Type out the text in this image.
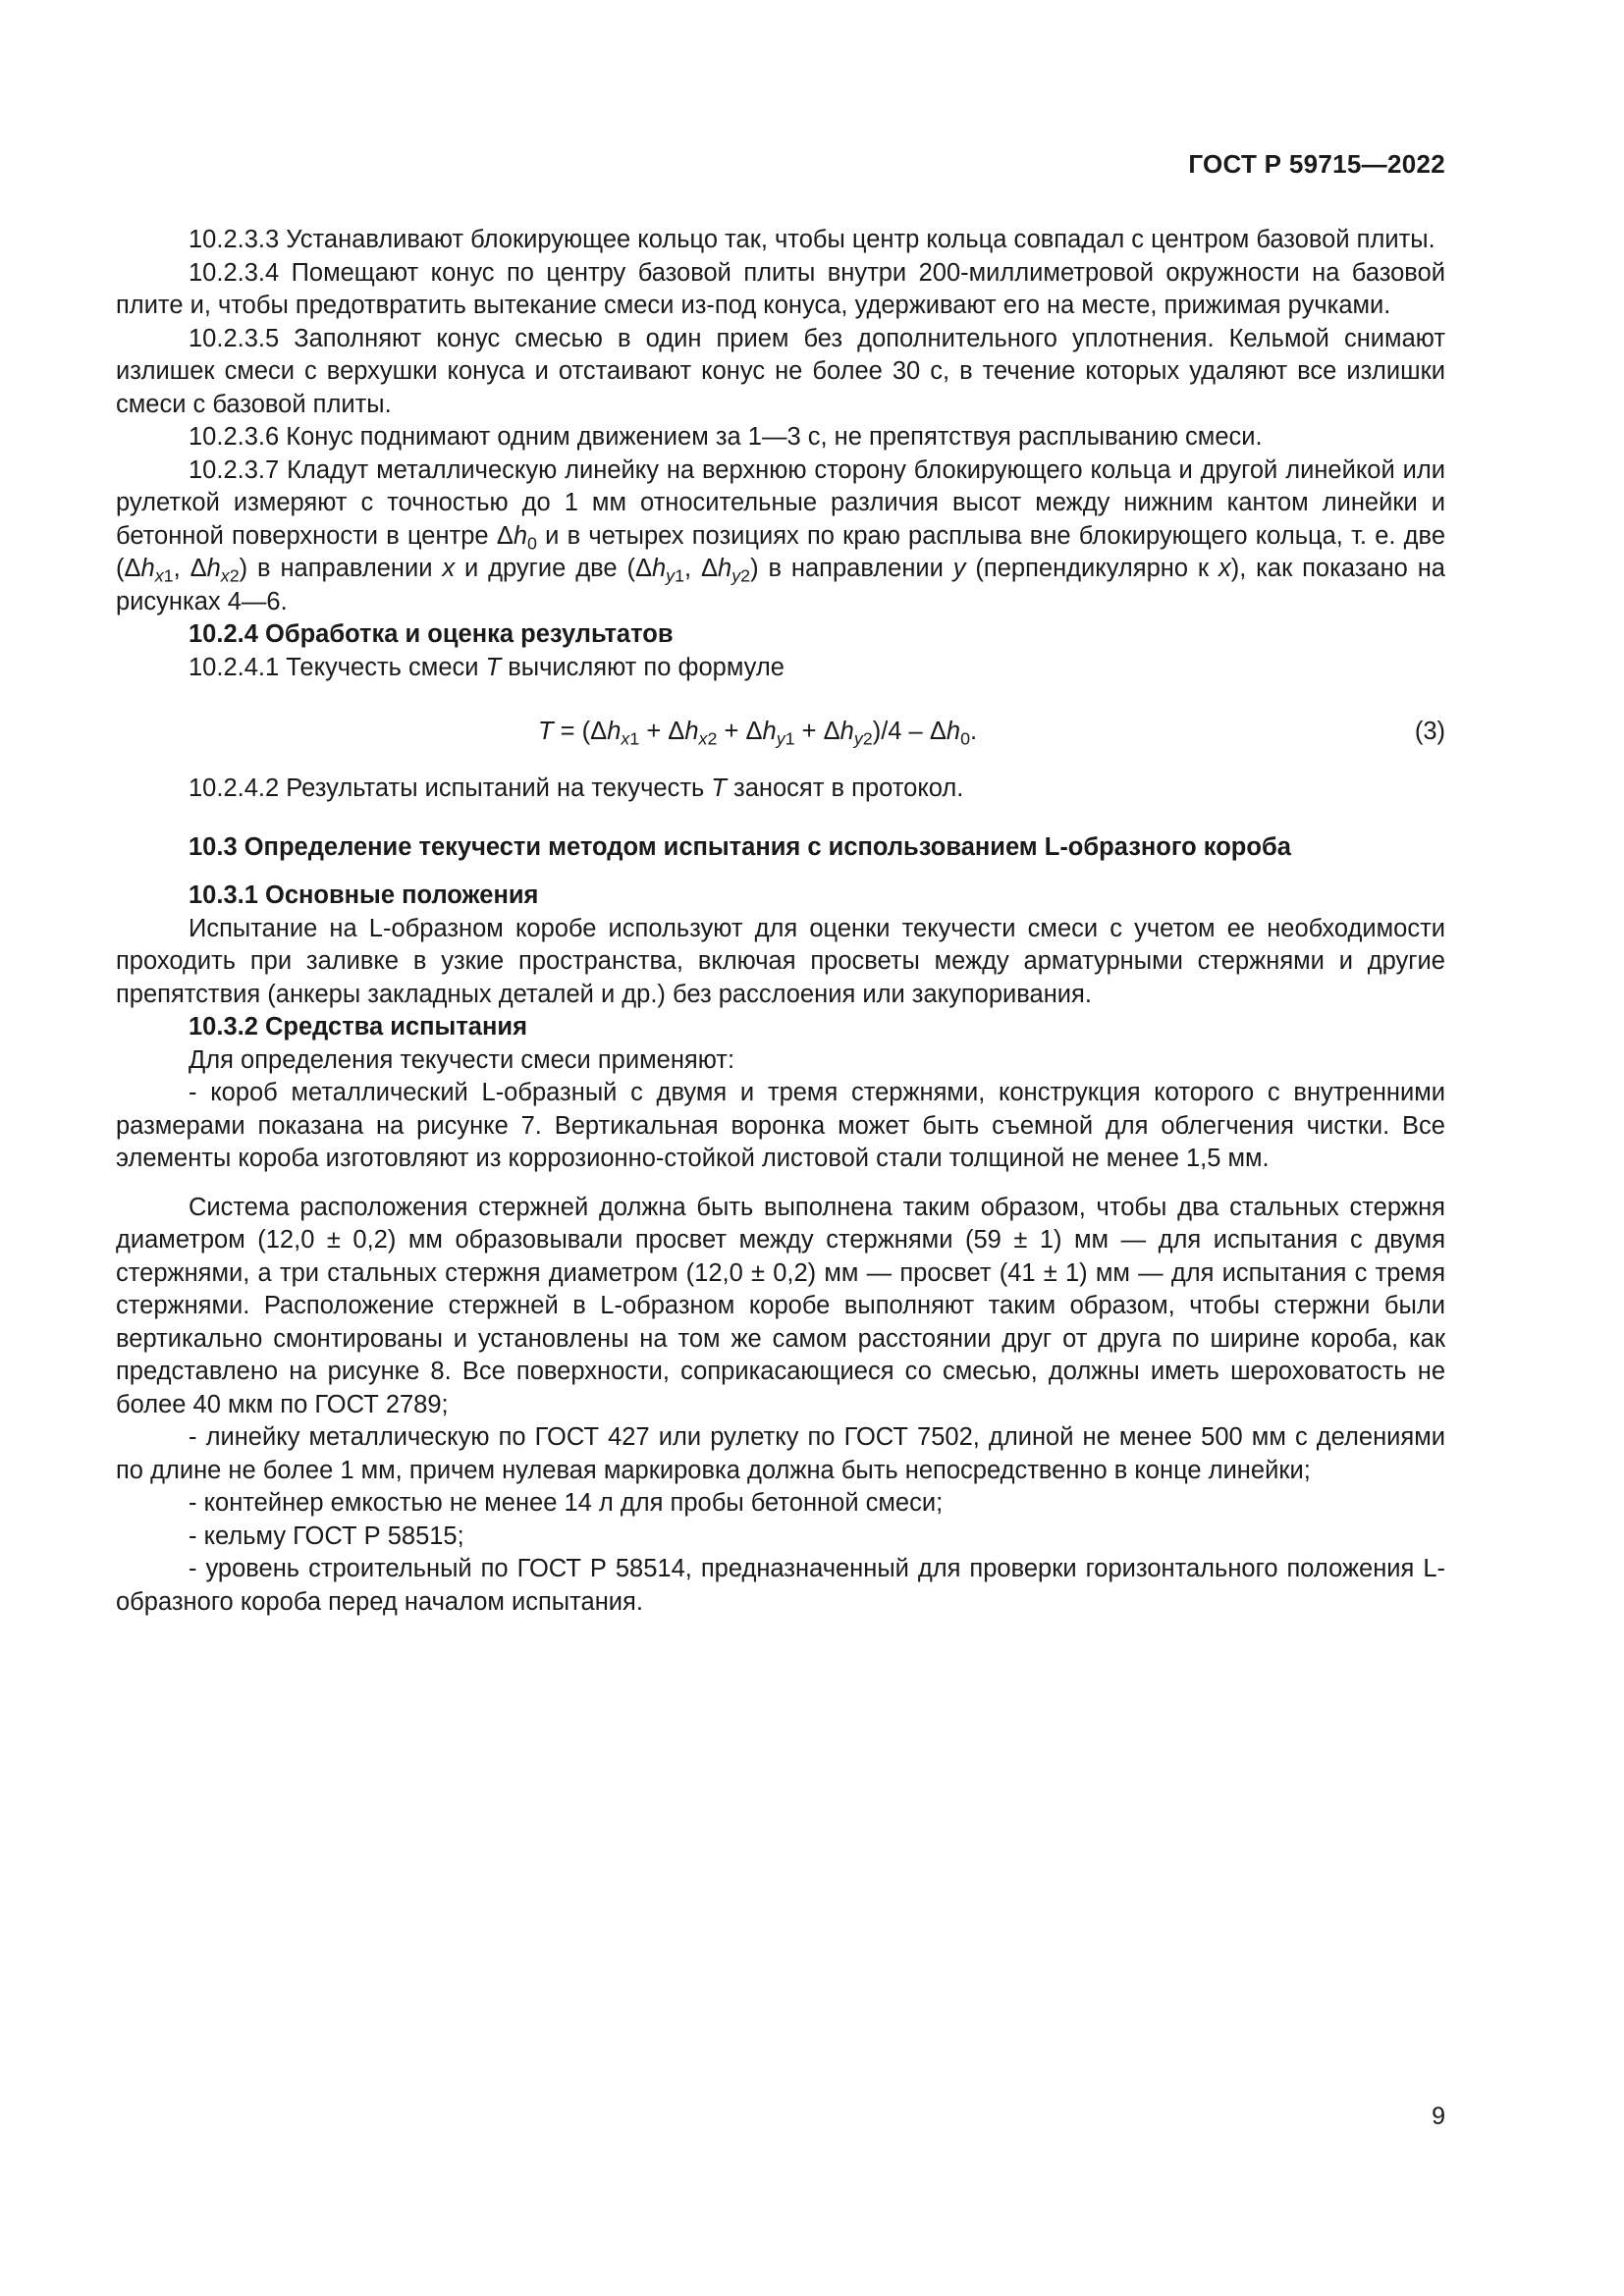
ГОСТ Р 59715—2022

10.2.3.3 Устанавливают блокирующее кольцо так, чтобы центр кольца совпадал с центром базовой плиты.

10.2.3.4 Помещают конус по центру базовой плиты внутри 200-миллиметровой окружности на базовой плите и, чтобы предотвратить вытекание смеси из-под конуса, удерживают его на месте, прижимая ручками.

10.2.3.5 Заполняют конус смесью в один прием без дополнительного уплотнения. Кельмой снимают излишек смеси с верхушки конуса и отстаивают конус не более 30 с, в течение которых удаляют все излишки смеси с базовой плиты.

10.2.3.6 Конус поднимают одним движением за 1—3 с, не препятствуя расплыванию смеси.

10.2.3.7 Кладут металлическую линейку на верхнюю сторону блокирующего кольца и другой линейкой или рулеткой измеряют с точностью до 1 мм относительные различия высот между нижним кантом линейки и бетонной поверхности в центре $\Delta h_0$ и в четырех позициях по краю расплыва вне блокирующего кольца, т. е. две ($\Delta h_{x1}$, $\Delta h_{x2}$) в направлении x и другие две ($\Delta h_{y1}$, $\Delta h_{y2}$) в направлении y (перпендикулярно к x), как показано на рисунках 4—6.

10.2.4 Обработка и оценка результатов

10.2.4.1 Текучесть смеси T вычисляют по формуле

$T = (\Delta h_{x1} + \Delta h_{x2} + \Delta h_{y1} + \Delta h_{y2})/4 - \Delta h_0$.	(3)

10.2.4.2 Результаты испытаний на текучесть T заносят в протокол.

10.3 Определение текучести методом испытания с использованием L-образного короба

10.3.1 Основные положения

Испытание на L-образном коробе используют для оценки текучести смеси с учетом ее необходимости проходить при заливке в узкие пространства, включая просветы между арматурными стержнями и другие препятствия (анкеры закладных деталей и др.) без расслоения или закупоривания.

10.3.2 Средства испытания

Для определения текучести смеси применяют:

- короб металлический L-образный с двумя и тремя стержнями, конструкция которого с внутренними размерами показана на рисунке 7. Вертикальная воронка может быть съемной для облегчения чистки. Все элементы короба изготовляют из коррозионно-стойкой листовой стали толщиной не менее 1,5 мм.

Система расположения стержней должна быть выполнена таким образом, чтобы два стальных стержня диаметром (12,0 ± 0,2) мм образовывали просвет между стержнями (59 ± 1) мм — для испытания с двумя стержнями, а три стальных стержня диаметром (12,0 ± 0,2) мм — просвет (41 ± 1) мм — для испытания с тремя стержнями. Расположение стержней в L-образном коробе выполняют таким образом, чтобы стержни были вертикально смонтированы и установлены на том же самом расстоянии друг от друга по ширине короба, как представлено на рисунке 8. Все поверхности, соприкасающиеся со смесью, должны иметь шероховатость не более 40 мкм по ГОСТ 2789;

- линейку металлическую по ГОСТ 427 или рулетку по ГОСТ 7502, длиной не менее 500 мм с делениями по длине не более 1 мм, причем нулевая маркировка должна быть непосредственно в конце линейки;

- контейнер емкостью не менее 14 л для пробы бетонной смеси;

- кельму ГОСТ Р 58515;

- уровень строительный по ГОСТ Р 58514, предназначенный для проверки горизонтального положения L-образного короба перед началом испытания.

9
